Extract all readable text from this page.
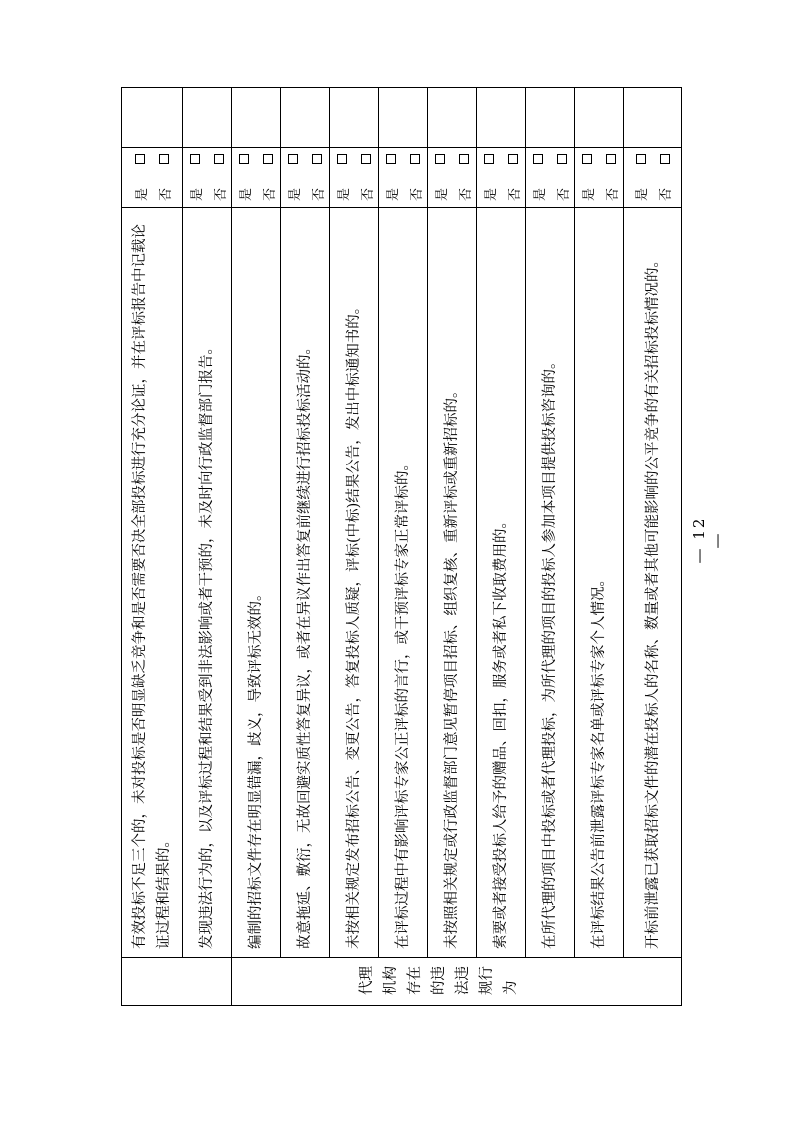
	有效投标不足三个的，未对投标是否明显缺乏竞争和是否需要否决全部投标进行充分论证，并在评标报告中记载论证过程和结果的。	是 否	

	发现违法行为的，以及评标过程和结果受到非法影响或者干预的，未及时向行政监督部门报告。	是 否	

	编制的招标文件存在明显错漏，歧义，导致评标无效的。	是 否	

	故意拖延、敷衍，无故回避实质性答复异议，或者在异议作出答复前继续进行招标投标活动的。	是 否	

	未按相关规定发布招标公告、变更公告，答复投标人质疑，评标(中标)结果公告，发出中标通知书的。	是 否	

	在评标过程中有影响评标专家公正评标的言行，或干预评标专家正常评标的。	是 否	

	未按照相关规定或行政监督部门意见暂停项目招标、组织复核、重新评标或重新招标的。	是 否	

	索要或者接受投标人给予的赠品、回扣，服务或者私下收取费用的。	是 否	

	在所代理的项目中投标或者代理投标，为所代理的项目的投标人参加本项目提供投标咨询的。	是 否	

	在评标结果公告前泄露评标专家名单或评标专家个人情况。	是 否	

	开标前泄露已获取招标文件的潜在投标人的名称、数量或者其他可能影响的公平竞争的有关招标投标情况的。	是 否	

代理 机构 存在 的违 法违 规行 为
— 12 —
